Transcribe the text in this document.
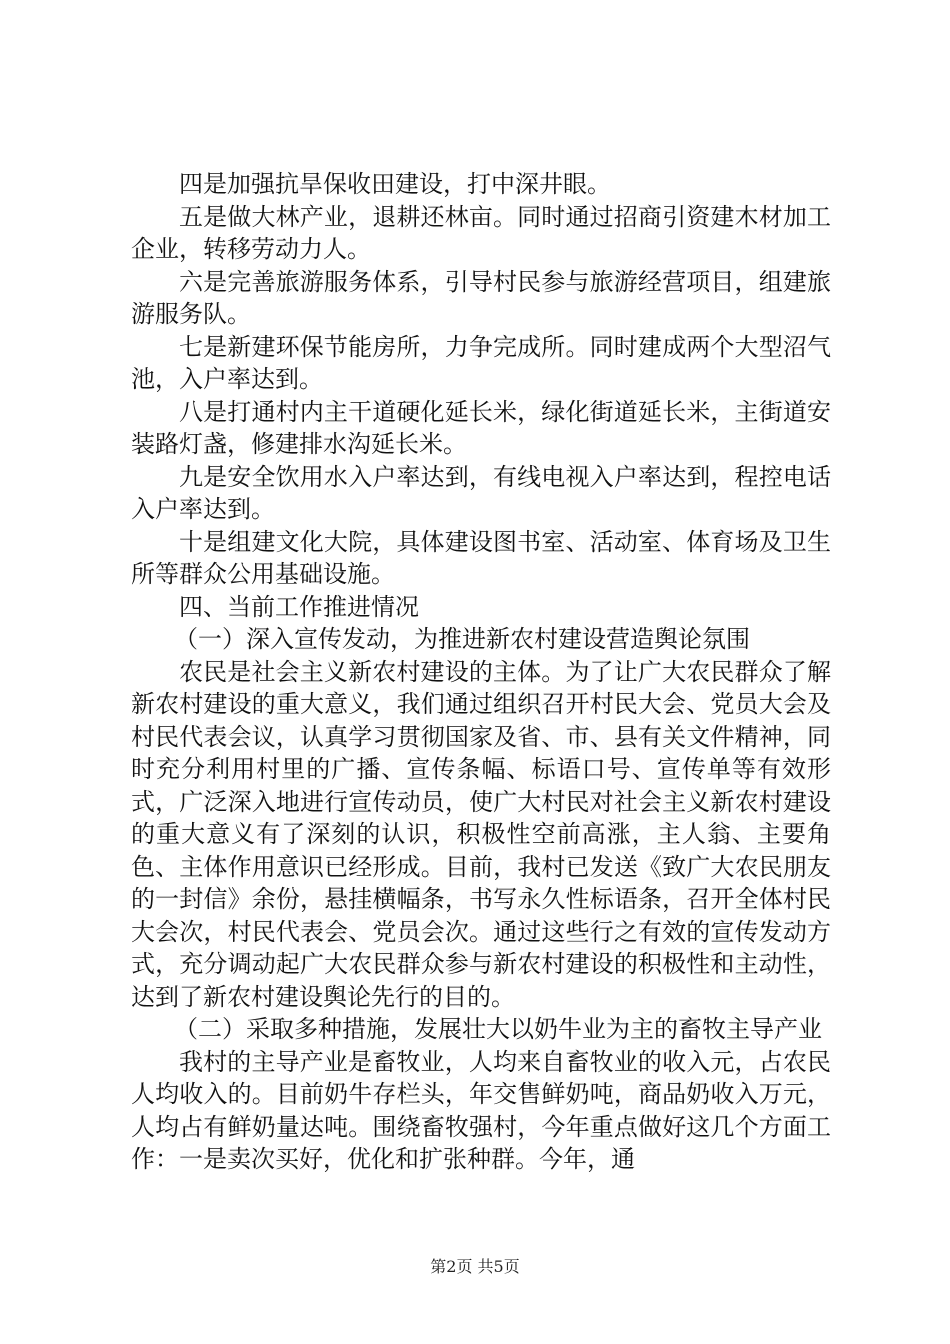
四是加强抗旱保收田建设，打中深井眼。

五是做大林产业，退耕还林亩。同时通过招商引资建木材加工企业，转移劳动力人。

六是完善旅游服务体系，引导村民参与旅游经营项目，组建旅游服务队。

七是新建环保节能房所，力争完成所。同时建成两个大型沼气池，入户率达到。

八是打通村内主干道硬化延长米，绿化街道延长米，主街道安装路灯盏，修建排水沟延长米。

九是安全饮用水入户率达到，有线电视入户率达到，程控电话入户率达到。

十是组建文化大院，具体建设图书室、活动室、体育场及卫生所等群众公用基础设施。

四、当前工作推进情况

（一）深入宣传发动，为推进新农村建设营造舆论氛围

农民是社会主义新农村建设的主体。为了让广大农民群众了解新农村建设的重大意义，我们通过组织召开村民大会、党员大会及村民代表会议，认真学习贯彻国家及省、市、县有关文件精神，同时充分利用村里的广播、宣传条幅、标语口号、宣传单等有效形式，广泛深入地进行宣传动员，使广大村民对社会主义新农村建设的重大意义有了深刻的认识，积极性空前高涨，主人翁、主要角色、主体作用意识已经形成。目前，我村已发送《致广大农民朋友的一封信》余份，悬挂横幅条，书写永久性标语条，召开全体村民大会次，村民代表会、党员会次。通过这些行之有效的宣传发动方式，充分调动起广大农民群众参与新农村建设的积极性和主动性，达到了新农村建设舆论先行的目的。

（二）采取多种措施，发展壮大以奶牛业为主的畜牧主导产业

我村的主导产业是畜牧业，人均来自畜牧业的收入元，占农民人均收入的。目前奶牛存栏头，年交售鲜奶吨，商品奶收入万元，人均占有鲜奶量达吨。围绕畜牧强村，今年重点做好这几个方面工作：一是卖次买好，优化和扩张种群。今年，通

第2页 共5页
